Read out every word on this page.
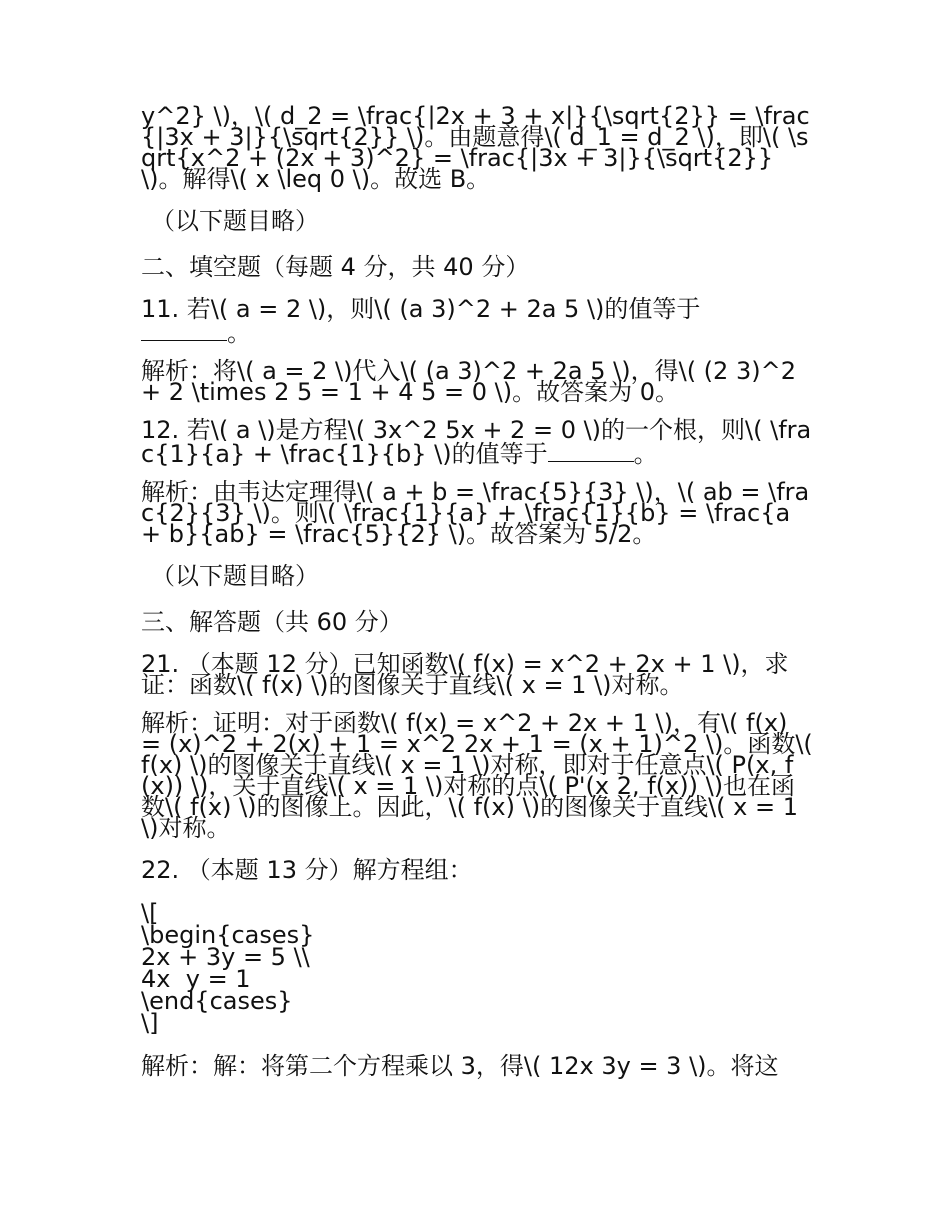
y^2} \)，\( d_2 = \frac{|2x + 3 + x|}{\sqrt{2}} = \frac{|3x + 3|}{\sqrt{2}} \)。由题意得\( d_1 = d_2 \)，即\( \sqrt{x^2 + (2x + 3)^2} = \frac{|3x + 3|}{\sqrt{2}} \)。解得\( x \leq 0 \)。故选 B。

（以下题目略）

二、填空题（每题 4 分，共 40 分）

11. 若\( a = 2 \)，则\( (a 3)^2 + 2a 5 \)的值等于
。

解析：将\( a = 2 \)代入\( (a 3)^2 + 2a 5 \)，得\( (2 3)^2 + 2 \times 2 5 = 1 + 4 5 = 0 \)。故答案为 0。

12. 若\( a \)是方程\( 3x^2 5x + 2 = 0 \)的一个根，则\( \frac{1}{a} + \frac{1}{b} \)的值等于	。

解析：由韦达定理得\( a + b = \frac{5}{3} \)，\( ab = \frac{2}{3} \)。则\( \frac{1}{a} + \frac{1}{b} = \frac{a + b}{ab} = \frac{5}{2} \)。故答案为 5/2。

（以下题目略）

三、解答题（共 60 分）

21. （本题 12 分）已知函数\( f(x) = x^2 + 2x + 1 \)，求证：函数\( f(x) \)的图像关于直线\( x = 1 \)对称。

解析：证明：对于函数\( f(x) = x^2 + 2x + 1 \)，有\( f(x) = (x)^2 + 2(x) + 1 = x^2 2x + 1 = (x + 1)^2 \)。函数\( f(x) \)的图像关于直线\( x = 1 \)对称，即对于任意点\( P(x, f(x)) \)，关于直线\( x = 1 \)对称的点\( P'(x 2, f(x)) \)也在函数\( f(x) \)的图像上。因此，\( f(x) \)的图像关于直线\( x = 1 \)对称。

22. （本题 13 分）解方程组：

\[
\begin{cases}
2x + 3y = 5 \\
4x  y = 1
\end{cases}
\]

解析：解：将第二个方程乘以 3，得\( 12x 3y = 3 \)。将这
